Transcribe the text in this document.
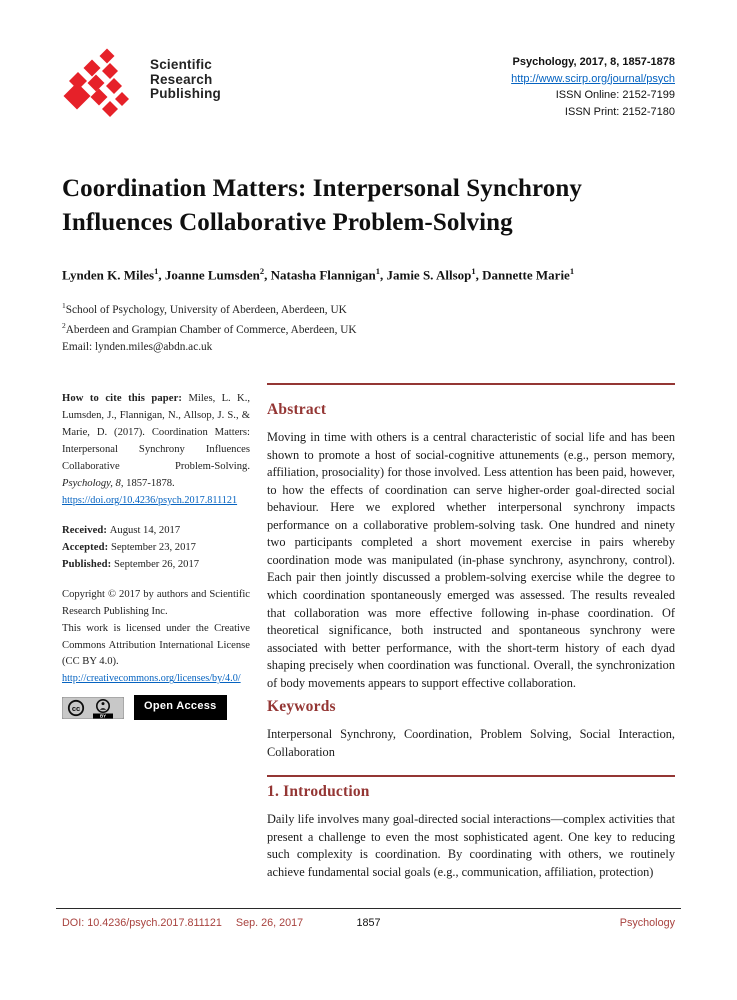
Scientific
Research
Publishing
Psychology, 2017, 8, 1857-1878
http://www.scirp.org/journal/psych
ISSN Online: 2152-7199
ISSN Print: 2152-7180
Coordination Matters: Interpersonal Synchrony Influences Collaborative Problem-Solving
Lynden K. Miles$^1$, Joanne Lumsden$^2$, Natasha Flannigan$^1$, Jamie S. Allsop$^1$, Dannette Marie$^1$
$^1$School of Psychology, University of Aberdeen, Aberdeen, UK
$^2$Aberdeen and Grampian Chamber of Commerce, Aberdeen, UK
Email: lynden.miles@abdn.ac.uk

How to cite this paper: Miles, L. K., Lumsden, J., Flannigan, N., Allsop, J. S., & Marie, D. (2017). Coordination Matters: Interpersonal Synchrony Influences Collaborative Problem-Solving. Psychology, 8, 1857-1878.
https://doi.org/10.4236/psych.2017.811121

Received: August 14, 2017
Accepted: September 23, 2017
Published: September 26, 2017

Copyright © 2017 by authors and Scientific Research Publishing Inc.

This work is licensed under the Creative Commons Attribution International License (CC BY 4.0).

http://creativecommons.org/licenses/by/4.0/
cc
BY
Open Access
Abstract

Moving in time with others is a central characteristic of social life and has been shown to promote a host of social-cognitive attunements (e.g., person memory, affiliation, prosociality) for those involved. Less attention has been paid, however, to how the effects of coordination can serve higher-order goal-directed social behaviour. Here we explored whether interpersonal synchrony impacts performance on a collaborative problem-solving task. One hundred and ninety two participants completed a short movement exercise in pairs whereby coordination mode was manipulated (in-phase synchrony, asynchrony, control). Each pair then jointly discussed a problem-solving exercise while the degree to which coordination spontaneously emerged was assessed. The results revealed that collaboration was more effective following in-phase coordination. Of theoretical significance, both instructed and spontaneous synchrony were associated with better performance, with the short-term history of each dyad shaping precisely when coordination was functional. Overall, the synchronization of body movements appears to support effective collaboration.

Keywords

Interpersonal Synchrony, Coordination, Problem Solving, Social Interaction, Collaboration

1. Introduction

Daily life involves many goal-directed social interactions—complex activities that present a challenge to even the most sophisticated agent. One key to reducing such complexity is coordination. By coordinating with others, we routinely achieve fundamental social goals (e.g., communication, affiliation, protection)

DOI: 10.4236/psych.2017.811121 Sep. 26, 2017	1857	Psychology
